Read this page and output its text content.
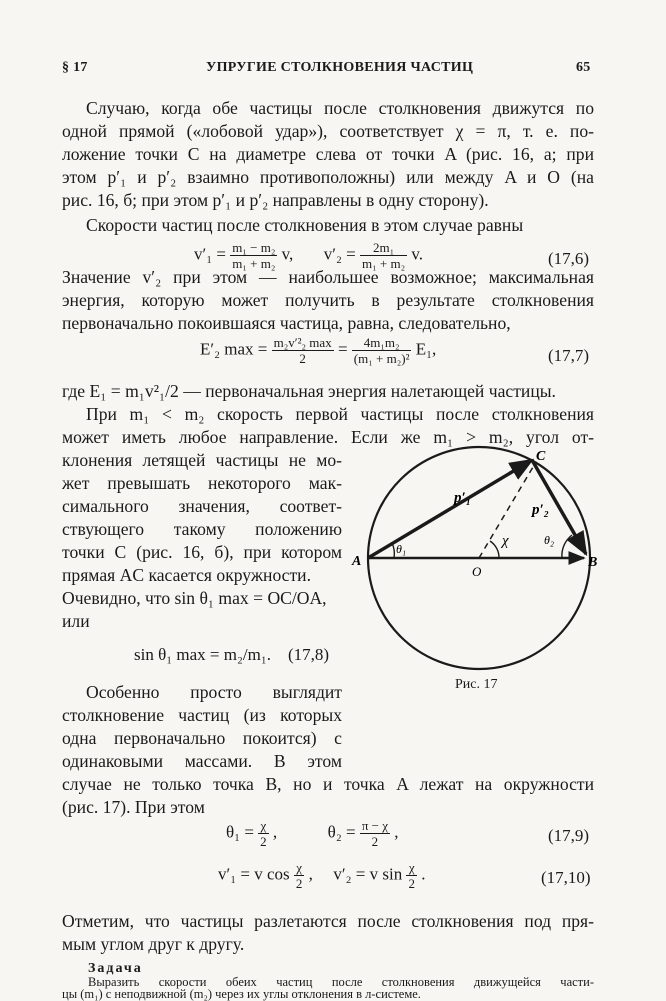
§ 17	УПРУГИЕ СТОЛКНОВЕНИЯ ЧАСТИЦ	65
Случаю, когда обе частицы после столкновения движутся по
одной прямой («лобовой удар»), соответствует χ = π, т. е. по-
ложение точки C на диаметре слева от точки A (рис. 16, а; при
этом p′₁ и p′₂ взаимно противоположны) или между A и O (на
рис. 16, б; при этом p′₁ и p′₂ направлены в одну сторону).
Скорости частиц после столкновения в этом случае равны
$v'_1 = \frac{\text{m₁ − m₂}}{\text{m₁ + m₂}} v$, $v'_2 = \frac{\text{2m₁}}{\text{m₁ + m₂}} v$.	(17,6)
Значение v′₂ при этом — наибольшее возможное; максимальная
энергия, которую может получить в результате столкновения
первоначально покоившаяся частица, равна, следовательно,
E′₂ $\max = \frac{\text{m₂v′²₂ max}}{2} = \frac{\text{4m₁m₂}}{\text{(m₁ + m₂)²}} E_1$,	(17,7)
где E₁ = m₁v²₁/2 — первоначальная энергия налетающей частицы.
При m₁ < m₂ скорость первой частицы после столкновения
может иметь любое направление. Если же m₁ > m₂, угол от-
клонения летящей частицы не мо-
жет превышать некоторого мак-
симального значения, соответ-
ствующего такому положению
точки C (рис. 16, б), при котором
прямая AC касается окружности.
Очевидно, что sin θ₁ max = OC/OA,
или
sin θ₁ max = m₂/m₁. (17,8)
Особенно просто выглядит
столкновение частиц (из которых
одна первоначально покоится) с
одинаковыми массами. В этом
случае не только точка B, но и точка A лежат на окружности
(рис. 17). При этом
$\theta_1 = \frac{\chi}{2}$ ,	$\theta_2 = \frac{\pi - \chi}{2}$ ,	(17,9)
v′₁ = v $\cos \frac{\chi}{2}$ , v′₂ = v $\sin \frac{\chi}{2}$ .	(17,10)
Отметим, что частицы разлетаются после столкновения под пря-
мым углом друг к другу.
Задача
Выразить скорости обеих частиц после столкновения движущейся части-
цы (m₁) с неподвижной (m₂) через их углы отклонения в л-системе.
A	B
C
O
p′₁
p′₂
χ
θ₁
θ₂
Рис. 17
